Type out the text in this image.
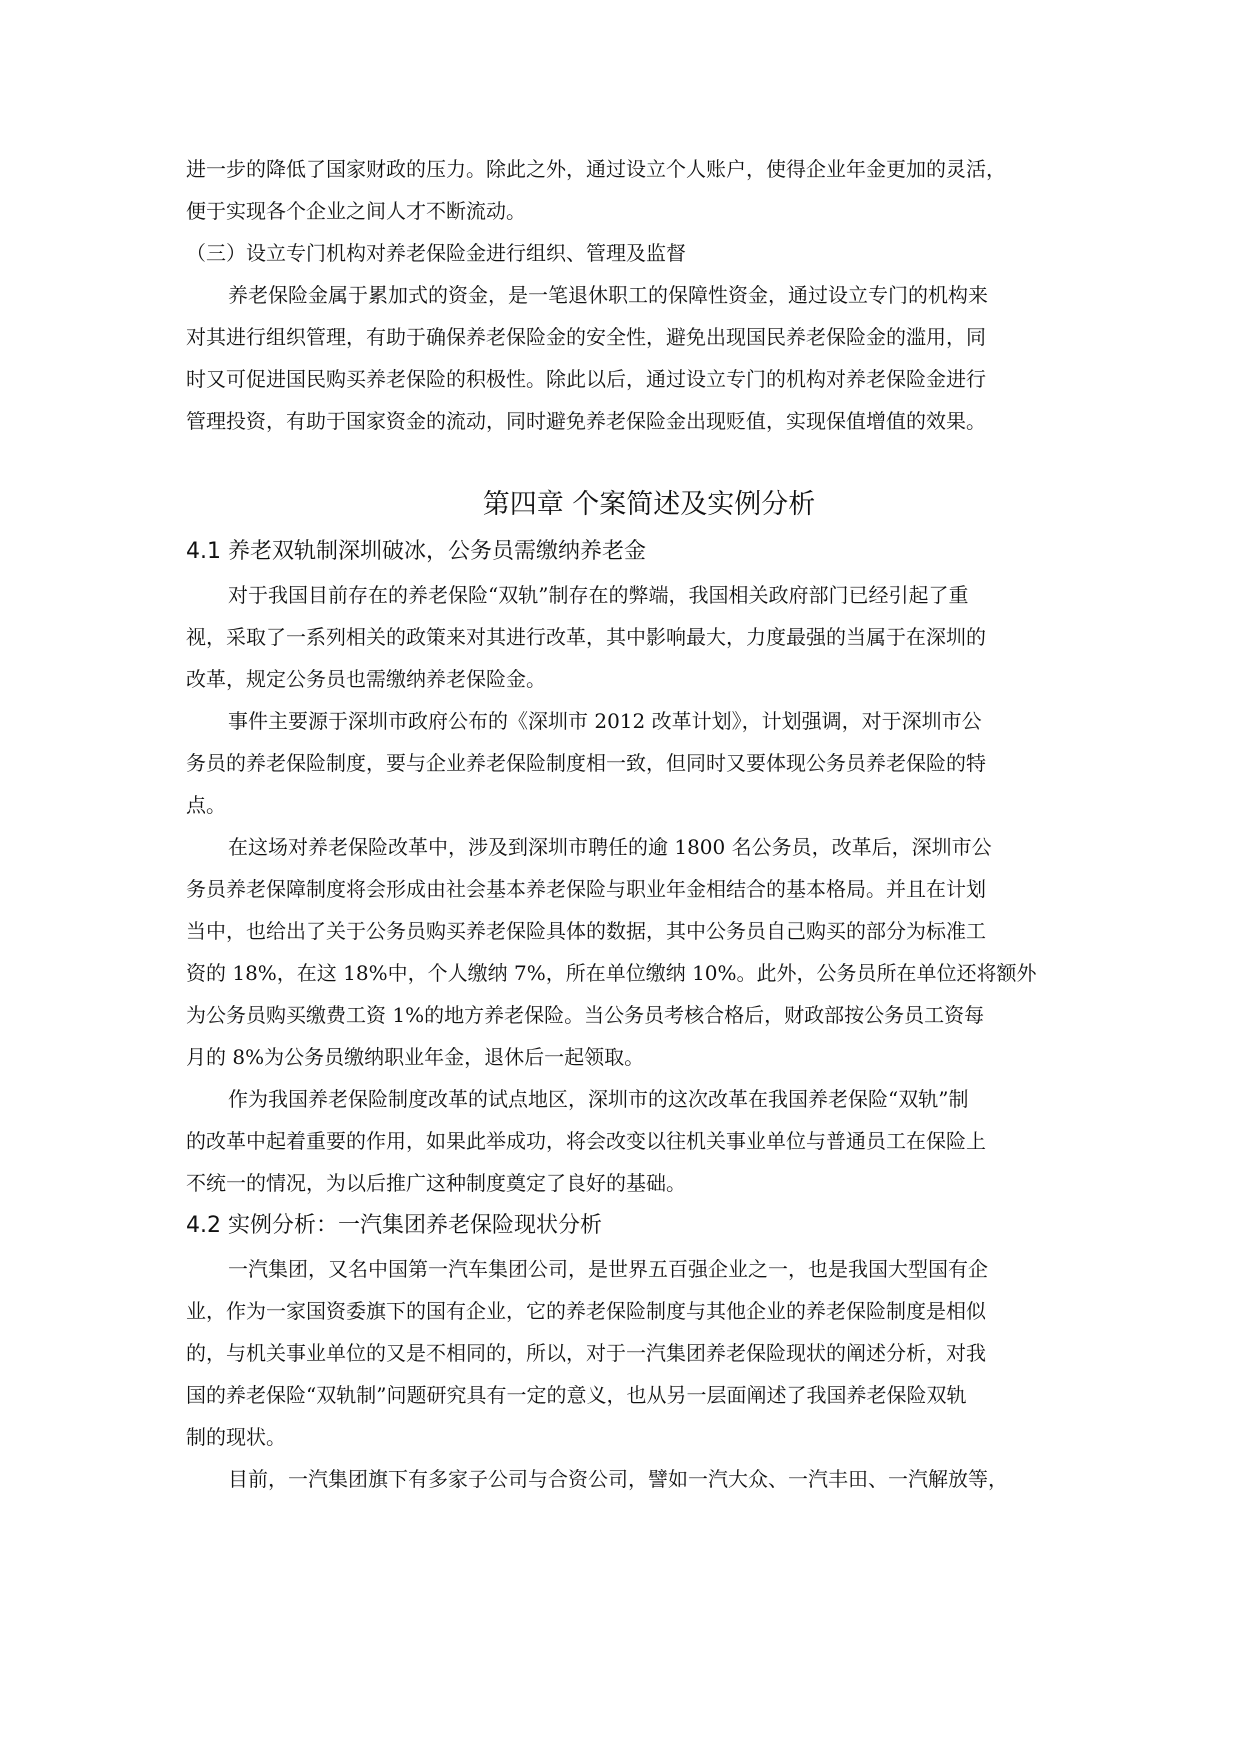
进一步的降低了国家财政的压力。除此之外，通过设立个人账户，使得企业年金更加的灵活，
便于实现各个企业之间人才不断流动。
（三）设立专门机构对养老保险金进行组织、管理及监督
养老保险金属于累加式的资金，是一笔退休职工的保障性资金，通过设立专门的机构来
对其进行组织管理，有助于确保养老保险金的安全性，避免出现国民养老保险金的滥用，同
时又可促进国民购买养老保险的积极性。除此以后，通过设立专门的机构对养老保险金进行
管理投资，有助于国家资金的流动，同时避免养老保险金出现贬值，实现保值增值的效果。
第四章 个案简述及实例分析
4.1 养老双轨制深圳破冰，公务员需缴纳养老金
对于我国目前存在的养老保险“双轨”制存在的弊端，我国相关政府部门已经引起了重
视，采取了一系列相关的政策来对其进行改革，其中影响最大，力度最强的当属于在深圳的
改革，规定公务员也需缴纳养老保险金。
事件主要源于深圳市政府公布的《深圳市 2012 改革计划》，计划强调，对于深圳市公
务员的养老保险制度，要与企业养老保险制度相一致，但同时又要体现公务员养老保险的特
点。
在这场对养老保险改革中，涉及到深圳市聘任的逾 1800 名公务员，改革后，深圳市公
务员养老保障制度将会形成由社会基本养老保险与职业年金相结合的基本格局。并且在计划
当中，也给出了关于公务员购买养老保险具体的数据，其中公务员自己购买的部分为标准工
资的 18%，在这 18%中，个人缴纳 7%，所在单位缴纳 10%。此外，公务员所在单位还将额外
为公务员购买缴费工资 1%的地方养老保险。当公务员考核合格后，财政部按公务员工资每
月的 8%为公务员缴纳职业年金，退休后一起领取。
作为我国养老保险制度改革的试点地区，深圳市的这次改革在我国养老保险“双轨”制
的改革中起着重要的作用，如果此举成功，将会改变以往机关事业单位与普通员工在保险上
不统一的情况，为以后推广这种制度奠定了良好的基础。
4.2 实例分析：一汽集团养老保险现状分析
一汽集团，又名中国第一汽车集团公司，是世界五百强企业之一，也是我国大型国有企
业，作为一家国资委旗下的国有企业，它的养老保险制度与其他企业的养老保险制度是相似
的，与机关事业单位的又是不相同的，所以，对于一汽集团养老保险现状的阐述分析，对我
国的养老保险“双轨制”问题研究具有一定的意义，也从另一层面阐述了我国养老保险双轨
制的现状。
目前，一汽集团旗下有多家子公司与合资公司，譬如一汽大众、一汽丰田、一汽解放等，
